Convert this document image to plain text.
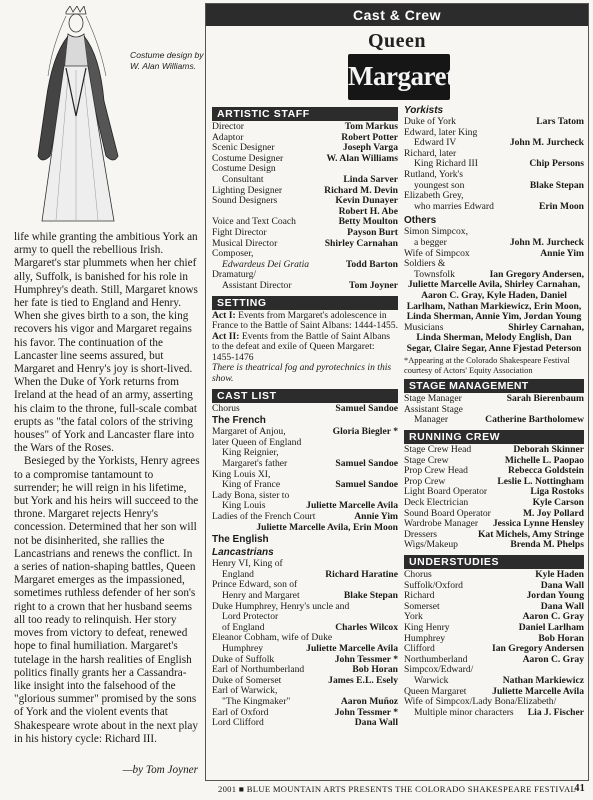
Costume design by W. Alan Williams.

life while granting the ambitious York an army to quell the rebellious Irish. Margaret's star plummets when her chief ally, Suffolk, is banished for his role in Humphrey's death. Still, Margaret knows her fate is tied to England and Henry. When she gives birth to a son, the king recovers his vigor and Margaret regains his favor. The continuation of the Lancaster line seems assured, but Margaret and Henry's joy is short-lived. When the Duke of York returns from Ireland at the head of an army, asserting his claim to the throne, full-scale combat erupts as "the fatal colors of the striving houses" of York and Lancaster flare into the Wars of the Roses.

Besieged by the Yorkists, Henry agrees to a compromise tantamount to surrender; he will reign in his lifetime, but York and his heirs will succeed to the throne. Margaret rejects Henry's concession. Determined that her son will not be disinherited, she rallies the Lancastrians and renews the conflict. In a series of nation-shaping battles, Queen Margaret emerges as the impassioned, sometimes ruthless defender of her son's right to a crown that her husband seems all too ready to relinquish. Her story moves from victory to defeat, renewed hope to final humiliation. Margaret's tutelage in the harsh realities of English politics finally grants her a Cassandra-like insight into the falsehood of the "glorious summer" promised by the sons of York and the violent events that Shakespeare wrote about in the next play in his history cycle: Richard III.

—by Tom Joyner
Cast & Crew
Queen
Margaret
ARTISTIC STAFF
Director	Tom Markus
Adaptor	Robert Potter
Scenic Designer	Joseph Varga
Costume Designer	W. Alan Williams
Costume Design
Consultant	Linda Sarver
Lighting Designer	Richard M. Devin
Sound Designers	Kevin Dunayer
Robert H. Abe
Voice and Text Coach	Betty Moulton
Fight Director	Payson Burt
Musical Director	Shirley Carnahan
Composer,
Edwardeus Dei Gratia	Todd Barton
Dramaturg/
Assistant Director	Tom Joyner
SETTING
Act I: Events from Margaret's adolescence in France to the Battle of Saint Albans: 1444-1455.
Act II: Events from the Battle of Saint Albans to the defeat and exile of Queen Margaret: 1455-1476
There is theatrical fog and pyrotechnics in this show.
CAST LIST
Chorus	Samuel Sandoe
The French
Margaret of Anjou,	Gloria Biegler *
later Queen of England
King Reignier,
Margaret's father	Samuel Sandoe
King Louis XI,
King of France	Samuel Sandoe
Lady Bona, sister to
King Louis	Juliette Marcelle Avila
Ladies of the French Court	Annie Yim
Juliette Marcelle Avila, Erin Moon
The English
Lancastrians
Henry VI, King of
England	Richard Haratine
Prince Edward, son of
Henry and Margaret	Blake Stepan
Duke Humphrey, Henry's uncle and
Lord Protector
of England	Charles Wilcox
Eleanor Cobham, wife of Duke
Humphrey	Juliette Marcelle Avila
Duke of Suffolk	John Tessmer *
Earl of Northumberland	Bob Horan
Duke of Somerset	James E.L. Esely
Earl of Warwick,
"The Kingmaker"	Aaron Muñoz
Earl of Oxford	John Tessmer *
Lord Clifford	Dana Wall
Yorkists
Duke of York	Lars Tatom
Edward, later King
Edward IV	John M. Jurcheck
Richard, later
King Richard III	Chip Persons
Rutland, York's
youngest son	Blake Stepan
Elizabeth Grey,
who marries Edward	Erin Moon
Others
Simon Simpcox,
a begger	John M. Jurcheck
Wife of Simpcox	Annie Yim
Soldiers &
Townsfolk	Ian Gregory Andersen,
Juliette Marcelle Avila, Shirley Carnahan, Aaron C. Gray, Kyle Haden, Daniel Larlham, Nathan Markiewicz, Erin Moon, Linda Sherman, Annie Yim, Jordan Young
Musicians	Shirley Carnahan,
Linda Sherman, Melody English, Dan Segar, Claire Segar, Anne Fjestad Peterson
*Appearing at the Colorado Shakespeare Festival courtesy of Actors' Equity Association
STAGE MANAGEMENT
Stage Manager	Sarah Bierenbaum
Assistant Stage
Manager	Catherine Bartholomew
RUNNING CREW
Stage Crew Head	Deborah Skinner
Stage Crew	Michelle L. Paopao
Prop Crew Head	Rebecca Goldstein
Prop Crew	Leslie L. Nottingham
Light Board Operator	Liga Rostoks
Deck Electrician	Kyle Carson
Sound Board Operator	M. Joy Pollard
Wardrobe Manager	Jessica Lynne Hensley
Dressers	Kat Michels, Amy Stringe
Wigs/Makeup	Brenda M. Phelps
UNDERSTUDIES
Chorus	Kyle Haden
Suffolk/Oxford	Dana Wall
Richard	Jordan Young
Somerset	Dana Wall
York	Aaron C. Gray
King Henry	Daniel Larlham
Humphrey	Bob Horan
Clifford	Ian Gregory Andersen
Northumberland	Aaron C. Gray
Simpcox/Edward/
Warwick	Nathan Markiewicz
Queen Margaret	Juliette Marcelle Avila
Wife of Simpcox/Lady Bona/Elizabeth/
Multiple minor characters	Lia J. Fischer
2001 ■ BLUE MOUNTAIN ARTS PRESENTS THE COLORADO SHAKESPEARE FESTIVAL
41
